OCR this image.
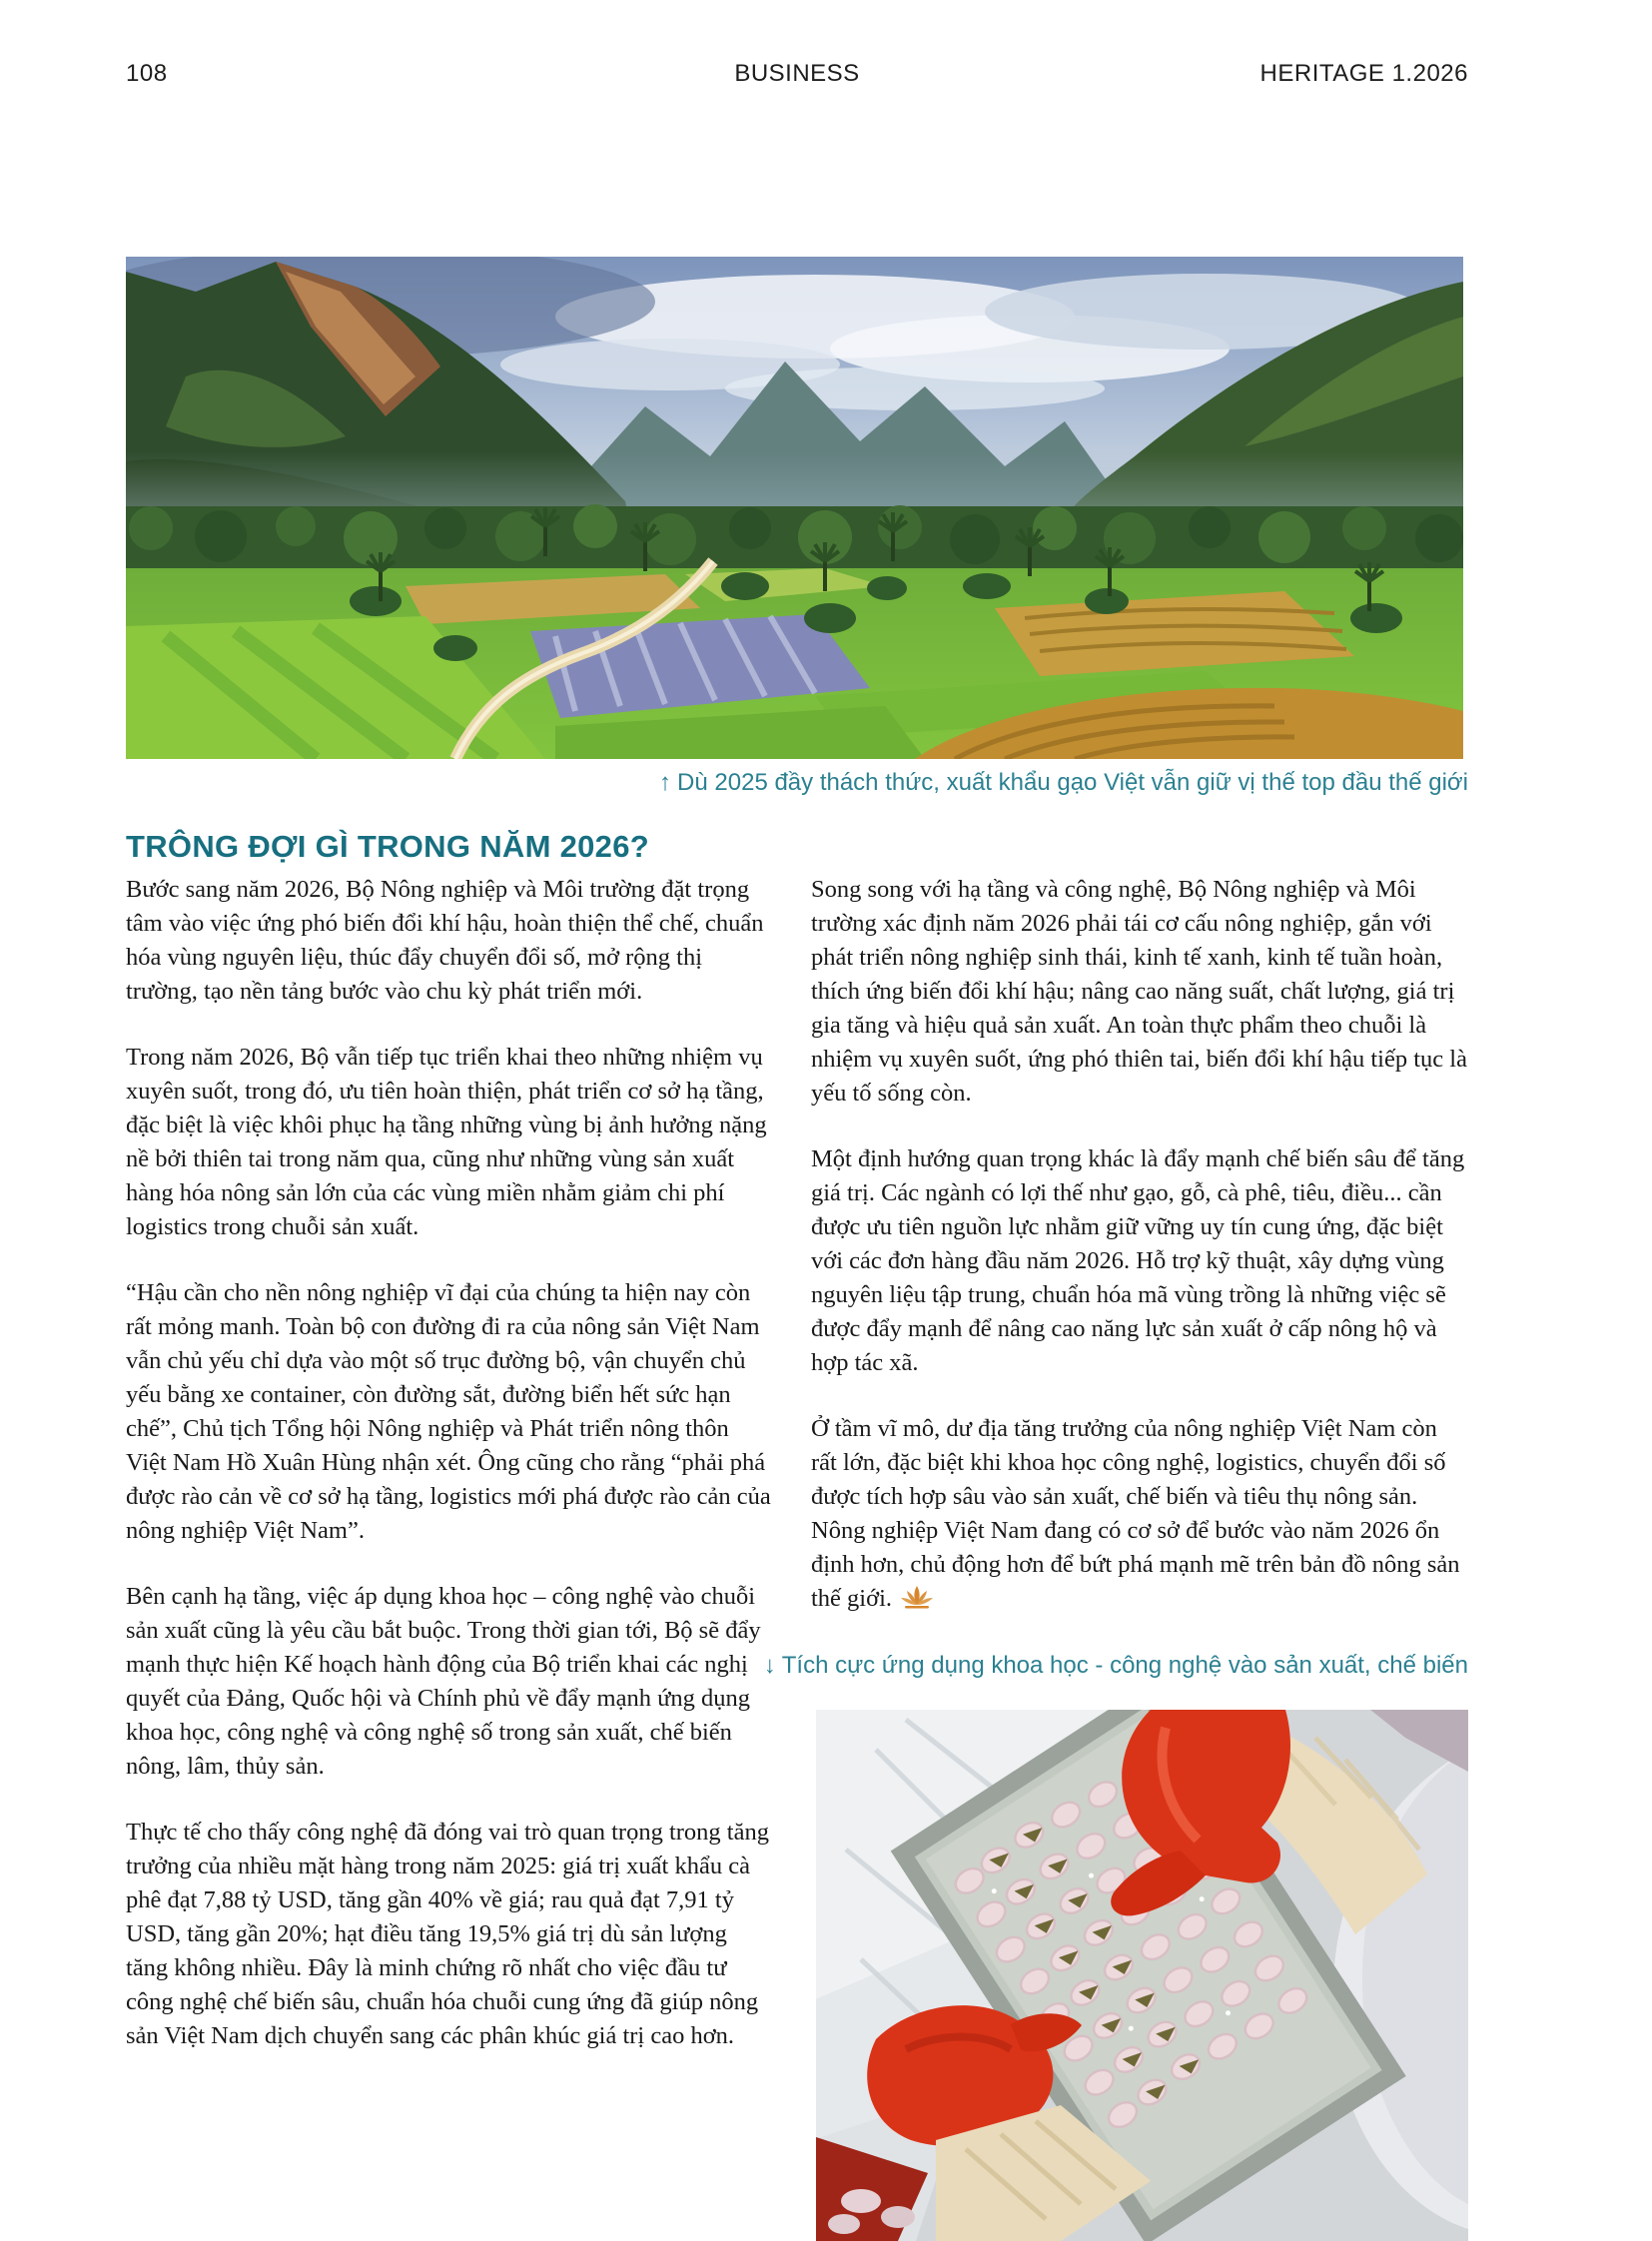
108	BUSINESS	HERITAGE 1.2026
↑ Dù 2025 đầy thách thức, xuất khẩu gạo Việt vẫn giữ vị thế top đầu thế giới
TRÔNG ĐỢI GÌ TRONG NĂM 2026?

Bước sang năm 2026, Bộ Nông nghiệp và Môi trường đặt trọng tâm vào việc ứng phó biến đổi khí hậu, hoàn thiện thể chế, chuẩn hóa vùng nguyên liệu, thúc đẩy chuyển đổi số, mở rộng thị trường, tạo nền tảng bước vào chu kỳ phát triển mới.

Trong năm 2026, Bộ vẫn tiếp tục triển khai theo những nhiệm vụ xuyên suốt, trong đó, ưu tiên hoàn thiện, phát triển cơ sở hạ tầng, đặc biệt là việc khôi phục hạ tầng những vùng bị ảnh hưởng nặng nề bởi thiên tai trong năm qua, cũng như những vùng sản xuất hàng hóa nông sản lớn của các vùng miền nhằm giảm chi phí logistics trong chuỗi sản xuất.

“Hậu cần cho nền nông nghiệp vĩ đại của chúng ta hiện nay còn rất mỏng manh. Toàn bộ con đường đi ra của nông sản Việt Nam vẫn chủ yếu chỉ dựa vào một số trục đường bộ, vận chuyển chủ yếu bằng xe container, còn đường sắt, đường biển hết sức hạn chế”, Chủ tịch Tổng hội Nông nghiệp và Phát triển nông thôn Việt Nam Hồ Xuân Hùng nhận xét. Ông cũng cho rằng “phải phá được rào cản về cơ sở hạ tầng, logistics mới phá được rào cản của nông nghiệp Việt Nam”.

Bên cạnh hạ tầng, việc áp dụng khoa học – công nghệ vào chuỗi sản xuất cũng là yêu cầu bắt buộc. Trong thời gian tới, Bộ sẽ đẩy mạnh thực hiện Kế hoạch hành động của Bộ triển khai các nghị quyết của Đảng, Quốc hội và Chính phủ về đẩy mạnh ứng dụng khoa học, công nghệ và công nghệ số trong sản xuất, chế biến nông, lâm, thủy sản.

Thực tế cho thấy công nghệ đã đóng vai trò quan trọng trong tăng trưởng của nhiều mặt hàng trong năm 2025: giá trị xuất khẩu cà phê đạt 7,88 tỷ USD, tăng gần 40% về giá; rau quả đạt 7,91 tỷ USD, tăng gần 20%; hạt điều tăng 19,5% giá trị dù sản lượng tăng không nhiều. Đây là minh chứng rõ nhất cho việc đầu tư công nghệ chế biến sâu, chuẩn hóa chuỗi cung ứng đã giúp nông sản Việt Nam dịch chuyển sang các phân khúc giá trị cao hơn.

Song song với hạ tầng và công nghệ, Bộ Nông nghiệp và Môi trường xác định năm 2026 phải tái cơ cấu nông nghiệp, gắn với phát triển nông nghiệp sinh thái, kinh tế xanh, kinh tế tuần hoàn, thích ứng biến đổi khí hậu; nâng cao năng suất, chất lượng, giá trị gia tăng và hiệu quả sản xuất. An toàn thực phẩm theo chuỗi là nhiệm vụ xuyên suốt, ứng phó thiên tai, biến đổi khí hậu tiếp tục là yếu tố sống còn.

Một định hướng quan trọng khác là đẩy mạnh chế biến sâu để tăng giá trị. Các ngành có lợi thế như gạo, gỗ, cà phê, tiêu, điều... cần được ưu tiên nguồn lực nhằm giữ vững uy tín cung ứng, đặc biệt với các đơn hàng đầu năm 2026. Hỗ trợ kỹ thuật, xây dựng vùng nguyên liệu tập trung, chuẩn hóa mã vùng trồng là những việc sẽ được đẩy mạnh để nâng cao năng lực sản xuất ở cấp nông hộ và hợp tác xã.

Ở tầm vĩ mô, dư địa tăng trưởng của nông nghiệp Việt Nam còn rất lớn, đặc biệt khi khoa học công nghệ, logistics, chuyển đổi số được tích hợp sâu vào sản xuất, chế biến và tiêu thụ nông sản. Nông nghiệp Việt Nam đang có cơ sở để bước vào năm 2026 ổn định hơn, chủ động hơn để bứt phá mạnh mẽ trên bản đồ nông sản thế giới.

↓ Tích cực ứng dụng khoa học - công nghệ vào sản xuất, chế biến
